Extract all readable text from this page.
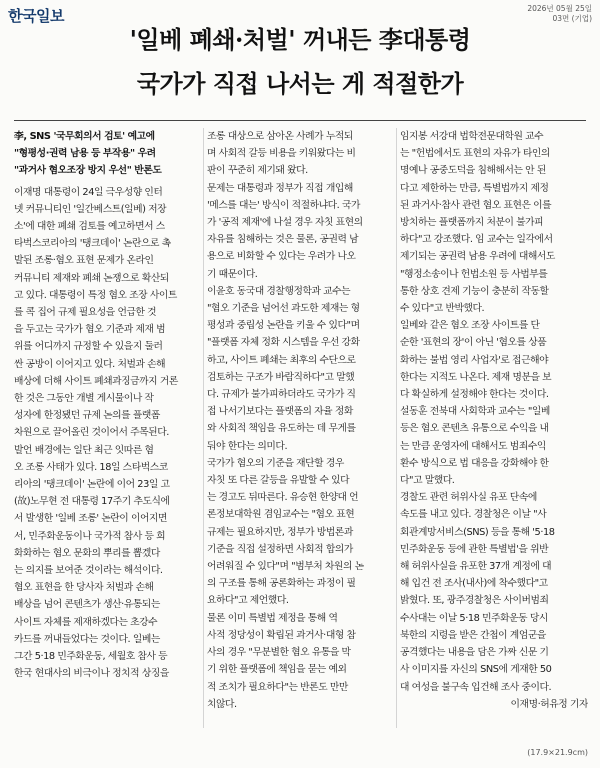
한국일보	2026년 05월 25일
03면 (기업)
'일베 폐쇄·처벌' 꺼내든 李대통령
국가가 직접 나서는 게 적절한가

李, SNS '국무회의서 검토' 예고에

"형평성·권력 남용 등 부작용" 우려

"과거사 혐오조장 방지 우선" 반론도

이재명 대통령이 24일 극우성향 인터

넷 커뮤니티인 '일간베스트(일베) 저장

소'에 대한 폐쇄 검토를 예고하면서 스

타벅스코리아의 '탱크데이' 논란으로 촉

발된 조롱·혐오 표현 문제가 온라인

커뮤니티 제재와 폐쇄 논쟁으로 확산되

고 있다. 대통령이 특정 혐오 조장 사이트

를 콕 집어 규제 필요성을 언급한 것

을 두고는 국가가 혐오 기준과 제재 범

위를 어디까지 규정할 수 있을지 둘러

싼 공방이 이어지고 있다. 처벌과 손해

배상에 더해 사이트 폐쇄과징금까지 거론

한 것은 그동안 개별 게시물이나 작

성자에 한정됐던 규제 논의를 플랫폼

차원으로 끌어올린 것이어서 주목된다.

발언 배경에는 일단 최근 잇따른 혐

오 조롱 사태가 있다. 18일 스타벅스코

리아의 '탱크데이' 논란에 이어 23일 고

(故)노무현 전 대통령 17주기 추도식에

서 발생한 '일베 조롱' 논란이 이어지면

서, 민주화운동이나 국가적 참사 등 희

화화하는 혐오 문화의 뿌리를 뽑겠다

는 의지를 보여준 것이라는 해석이다.

혐오 표현을 한 당사자 처벌과 손해

배상을 넘어 콘텐츠가 생산·유통되는

사이트 자체를 제재하겠다는 초강수

카드를 꺼내들었다는 것이다. 일베는

그간 5·18 민주화운동, 세월호 참사 등

한국 현대사의 비극이나 정치적 상징을

조롱 대상으로 삼아온 사례가 누적되

며 사회적 갈등 비용을 키워왔다는 비

판이 꾸준히 제기돼 왔다.

문제는 대통령과 정부가 직접 개입해

'메스를 대는' 방식이 적절하냐다. 국가

가 '공적 제재'에 나설 경우 자칫 표현의

자유를 침해하는 것은 물론, 공권력 남

용으로 비화할 수 있다는 우려가 나오

기 때문이다.

이윤호 동국대 경찰행정학과 교수는

"혐오 기준을 넘어선 과도한 제재는 형

평성과 중립성 논란을 키울 수 있다"며

"플랫폼 자체 정화 시스템을 우선 강화

하고, 사이트 폐쇄는 최후의 수단으로

검토하는 구조가 바람직하다"고 말했

다. 규제가 불가피하더라도 국가가 직

접 나서기보다는 플랫폼의 자율 정화

와 사회적 책임을 유도하는 데 무게를

둬야 한다는 의미다.

국가가 혐오의 기준을 재단할 경우

자칫 또 다른 갈등을 유발할 수 있다

는 경고도 뒤따른다. 유승현 한양대 언

론정보대학원 겸임교수는 "혐오 표현

규제는 필요하지만, 정부가 방법론과

기준을 직접 설정하면 사회적 합의가

어려워질 수 있다"며 "범부처 차원의 논

의 구조를 통해 공론화하는 과정이 필

요하다"고 제언했다.

물론 이미 특별법 제정을 통해 역

사적 정당성이 확립된 과거사·대형 참

사의 경우 "무분별한 혐오 유통을 막

기 위한 플랫폼에 책임을 묻는 예외

적 조치가 필요하다"는 반론도 만만

치않다.

임지봉 서강대 법학전문대학원 교수

는 "헌법에서도 표현의 자유가 타인의

명예나 공중도덕을 침해해서는 안 된

다고 제한하는 만큼, 특별법까지 제정

된 과거사·참사 관련 혐오 표현은 이를

방치하는 플랫폼까지 처분이 불가피

하다"고 강조했다. 임 교수는 일각에서

제기되는 공권력 남용 우려에 대해서도

"행정소송이나 헌법소원 등 사법부를

통한 상호 견제 기능이 충분히 작동할

수 있다"고 반박했다.

일베와 같은 혐오 조장 사이트를 단

순한 '표현의 장'이 아닌 '혐오를 상품

화하는 불법 영리 사업자'로 접근해야

한다는 지적도 나온다. 제재 명분을 보

다 확실하게 설정해야 한다는 것이다.

설동훈 전북대 사회학과 교수는 "일베

등은 혐오 콘텐츠 유통으로 수익을 내

는 만큼 운영자에 대해서도 범죄수익

환수 방식으로 법 대응을 강화해야 한

다"고 말했다.

경찰도 관련 허위사실 유포 단속에

속도를 내고 있다. 경찰청은 이날 "사

회관계망서비스(SNS) 등을 통해 '5·18

민주화운동 등에 관한 특별법'을 위반

해 허위사실을 유포한 37개 계정에 대

해 입건 전 조사(내사)에 착수했다"고

밝혔다. 또, 광주경찰청은 사이버범죄

수사대는 이날 5·18 민주화운동 당시

북한의 지령을 받은 간첩이 계엄군을

공격했다는 내용을 담은 가짜 신문 기

사 이미지를 자신의 SNS에 게재한 50

대 여성을 불구속 입건해 조사 중이다.

이재명·허유정 기자

(17.9×21.9cm)
